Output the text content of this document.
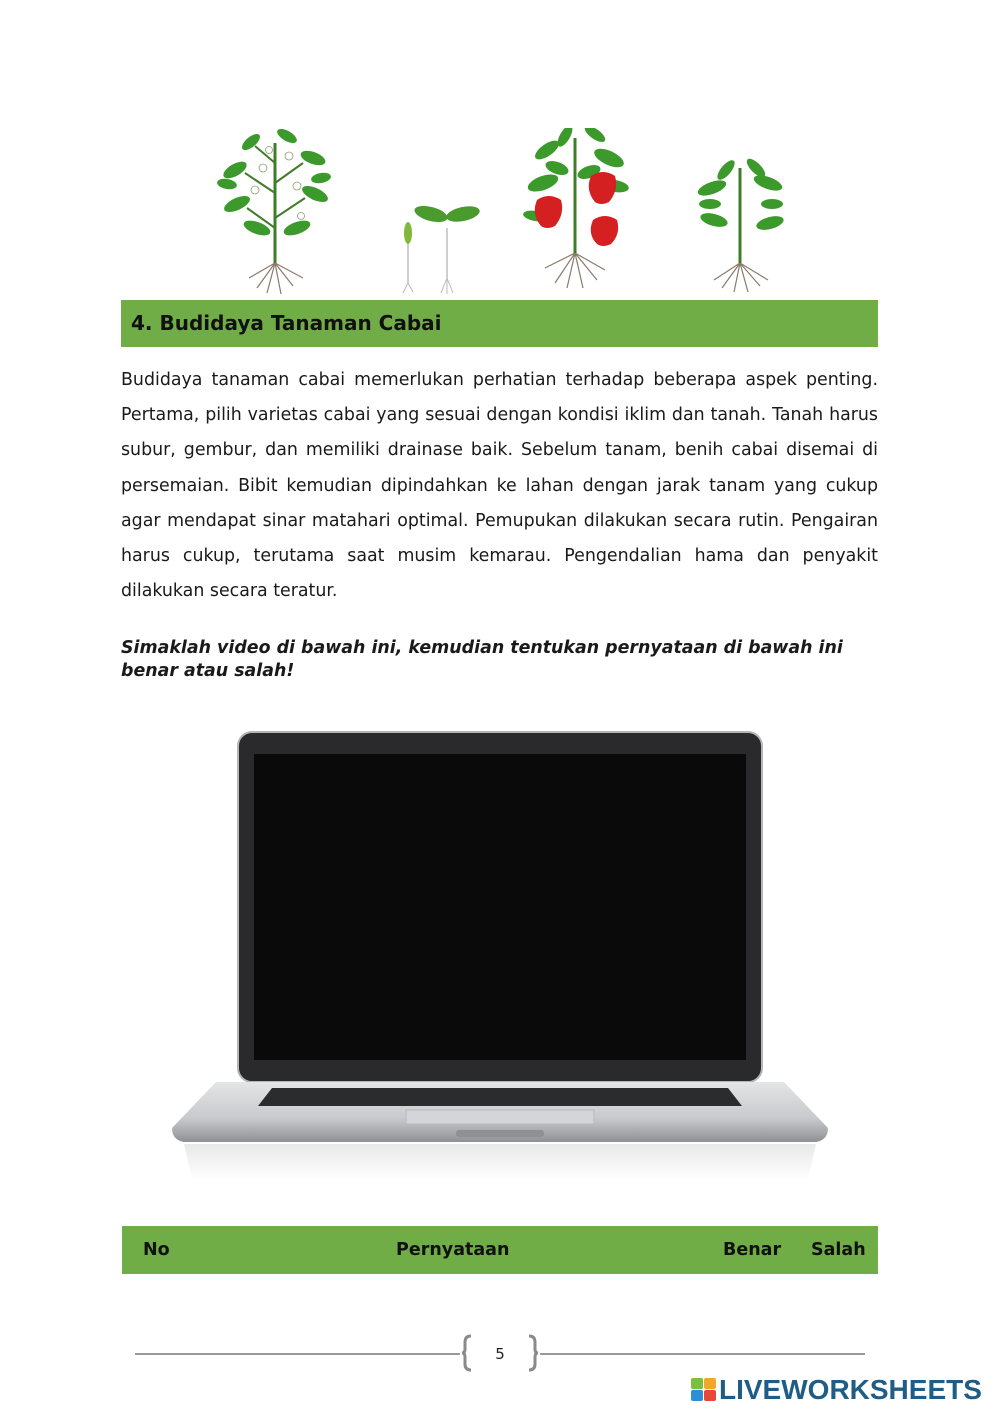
4. Budidaya Tanaman Cabai

Budidaya tanaman cabai memerlukan perhatian terhadap beberapa aspek penting. Pertama, pilih varietas cabai yang sesuai dengan kondisi iklim dan tanah. Tanah harus subur, gembur, dan memiliki drainase baik. Sebelum tanam, benih cabai disemai di persemaian. Bibit kemudian dipindahkan ke lahan dengan jarak tanam yang cukup agar mendapat sinar matahari optimal. Pemupukan dilakukan secara rutin. Pengairan harus cukup, terutama saat musim kemarau. Pengendalian hama dan penyakit dilakukan secara teratur.

Simaklah video di bawah ini, kemudian tentukan pernyataan di bawah ini benar atau salah!

No	Pernyataan	Benar Salah
5
LIVEWORKSHEETS
